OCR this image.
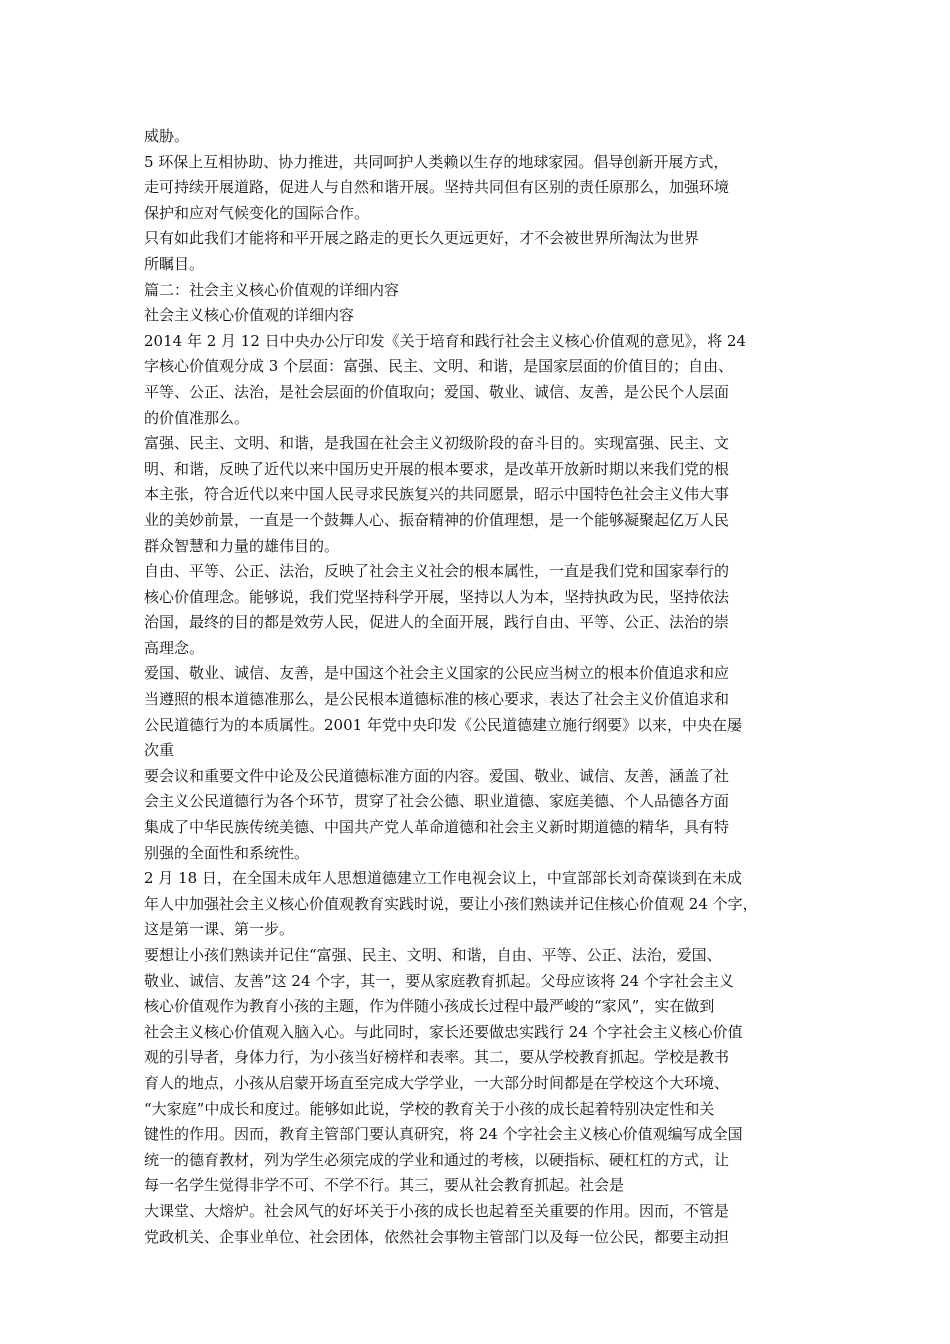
威胁。
5 环保上互相协助、协力推进，共同呵护人类赖以生存的地球家园。倡导创新开展方式，
走可持续开展道路，促进人与自然和谐开展。坚持共同但有区别的责任原那么，加强环境
保护和应对气候变化的国际合作。
只有如此我们才能将和平开展之路走的更长久更远更好，才不会被世界所淘汰为世界
所瞩目。
篇二：社会主义核心价值观的详细内容
社会主义核心价值观的详细内容
2014 年 2 月 12 日中央办公厅印发《关于培育和践行社会主义核心价值观的意见》，将 24
字核心价值观分成 3 个层面：富强、民主、文明、和谐，是国家层面的价值目的；自由、
平等、公正、法治，是社会层面的价值取向；爱国、敬业、诚信、友善，是公民个人层面
的价值准那么。
富强、民主、文明、和谐，是我国在社会主义初级阶段的奋斗目的。实现富强、民主、文
明、和谐，反映了近代以来中国历史开展的根本要求，是改革开放新时期以来我们党的根
本主张，符合近代以来中国人民寻求民族复兴的共同愿景，昭示中国特色社会主义伟大事
业的美妙前景，一直是一个鼓舞人心、振奋精神的价值理想，是一个能够凝聚起亿万人民
群众智慧和力量的雄伟目的。
自由、平等、公正、法治，反映了社会主义社会的根本属性，一直是我们党和国家奉行的
核心价值理念。能够说，我们党坚持科学开展，坚持以人为本，坚持执政为民，坚持依法
治国，最终的目的都是效劳人民，促进人的全面开展，践行自由、平等、公正、法治的崇
高理念。
爱国、敬业、诚信、友善，是中国这个社会主义国家的公民应当树立的根本价值追求和应
当遵照的根本道德准那么，是公民根本道德标准的核心要求，表达了社会主义价值追求和
公民道德行为的本质属性。2001 年党中央印发《公民道德建立施行纲要》以来，中央在屡
次重
要会议和重要文件中论及公民道德标准方面的内容。爱国、敬业、诚信、友善，涵盖了社
会主义公民道德行为各个环节，贯穿了社会公德、职业道德、家庭美德、个人品德各方面
集成了中华民族传统美德、中国共产党人革命道德和社会主义新时期道德的精华，具有特
别强的全面性和系统性。
2 月 18 日，在全国未成年人思想道德建立工作电视会议上，中宣部部长刘奇葆谈到在未成
年人中加强社会主义核心价值观教育实践时说，要让小孩们熟读并记住核心价值观 24 个字，
这是第一课、第一步。
要想让小孩们熟读并记住“富强、民主、文明、和谐，自由、平等、公正、法治，爱国、
敬业、诚信、友善”这 24 个字，其一，要从家庭教育抓起。父母应该将 24 个字社会主义
核心价值观作为教育小孩的主题，作为伴随小孩成长过程中最严峻的“家风”，实在做到
社会主义核心价值观入脑入心。与此同时，家长还要做忠实践行 24 个字社会主义核心价值
观的引导者，身体力行，为小孩当好榜样和表率。其二，要从学校教育抓起。学校是教书
育人的地点，小孩从启蒙开场直至完成大学学业，一大部分时间都是在学校这个大环境、
“大家庭”中成长和度过。能够如此说，学校的教育关于小孩的成长起着特别决定性和关
键性的作用。因而，教育主管部门要认真研究，将 24 个字社会主义核心价值观编写成全国
统一的德育教材，列为学生必须完成的学业和通过的考核，以硬指标、硬杠杠的方式，让
每一名学生觉得非学不可、不学不行。其三，要从社会教育抓起。社会是
大课堂、大熔炉。社会风气的好坏关于小孩的成长也起着至关重要的作用。因而，不管是
党政机关、企事业单位、社会团体，依然社会事物主管部门以及每一位公民，都要主动担
